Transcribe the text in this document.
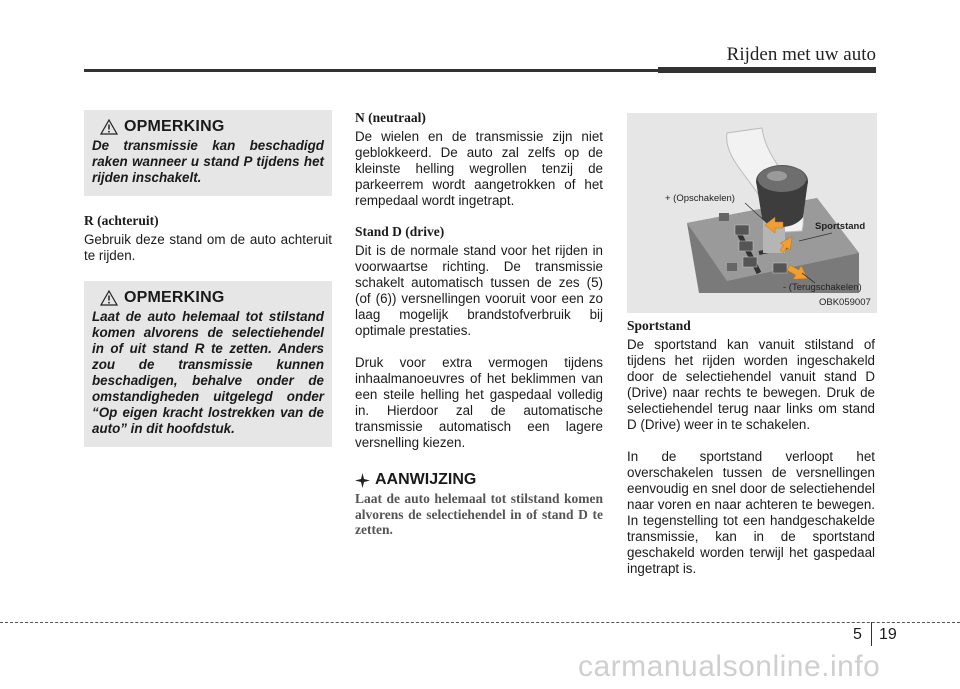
Rijden met uw auto
OPMERKING
De transmissie kan beschadigd raken wanneer u stand P tijdens het rijden inschakelt.
R (achteruit)

Gebruik deze stand om de auto achteruit te rijden.

OPMERKING
Laat de auto helemaal tot stilstand komen alvorens de selectiehendel in of uit stand R te zetten. Anders zou de transmissie kunnen beschadigen, behalve onder de omstandigheden uitgelegd onder “Op eigen kracht lostrekken van de auto” in dit hoofdstuk.
N (neutraal)

De wielen en de transmissie zijn niet geblokkeerd. De auto zal zelfs op de kleinste helling wegrollen tenzij de parkeerrem wordt aangetrokken of het rempedaal wordt ingetrapt.

Stand D (drive)

Dit is de normale stand voor het rijden in voorwaartse richting. De transmissie schakelt automatisch tussen de zes (5) (of (6)) versnellingen vooruit voor een zo laag mogelijk brandstofverbruik bij optimale prestaties.

Druk voor extra vermogen tijdens inhaalmanoeuvres of het beklimmen van een steile helling het gaspedaal volledig in. Hierdoor zal de automatische transmissie automatisch een lagere versnelling kiezen.

AANWIJZING

Laat de auto helemaal tot stilstand komen alvorens de selectiehendel in of stand D te zetten.

+ (Opschakelen)
Sportstand
- (Terugschakelen)
OBK059007
Sportstand

De sportstand kan vanuit stilstand of tijdens het rijden worden ingeschakeld door de selectiehendel vanuit stand D (Drive) naar rechts te bewegen. Druk de selectiehendel terug naar links om stand D (Drive) weer in te schakelen.

In de sportstand verloopt het overschakelen tussen de versnellingen eenvoudig en snel door de selectiehendel naar voren en naar achteren te bewegen. In tegenstelling tot een handgeschakelde transmissie, kan in de sportstand geschakeld worden terwijl het gaspedaal ingetrapt is.

5 19
carmanualsonline.info
